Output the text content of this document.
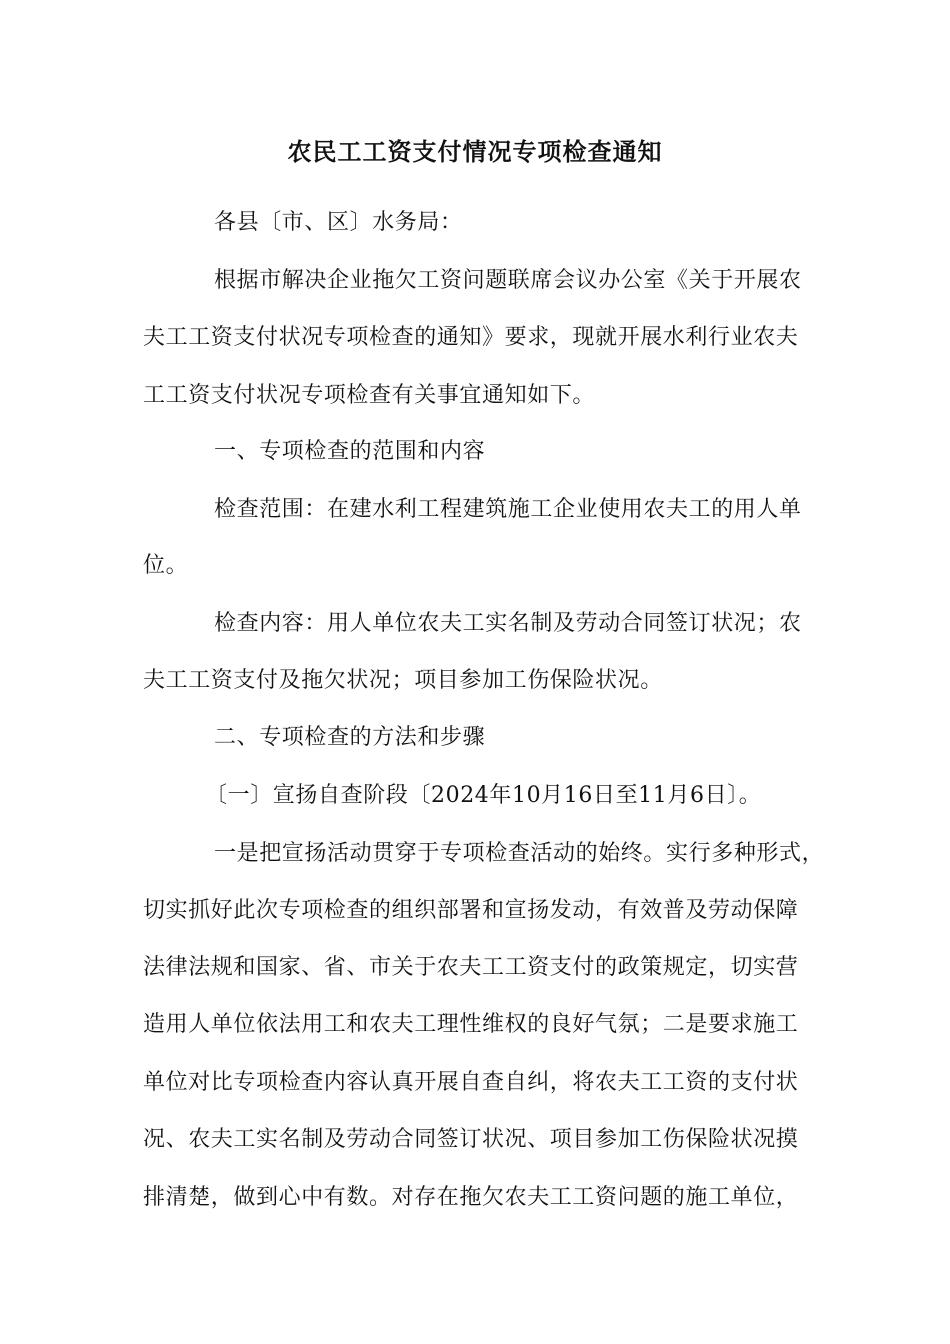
农民工工资支付情况专项检查通知
各县〔市、区〕水务局：
根据市解决企业拖欠工资问题联席会议办公室《关于开展农
夫工工资支付状况专项检查的通知》要求，现就开展水利行业农夫
工工资支付状况专项检查有关事宜通知如下。
一、专项检查的范围和内容
检查范围：在建水利工程建筑施工企业使用农夫工的用人单
位。
检查内容：用人单位农夫工实名制及劳动合同签订状况；农
夫工工资支付及拖欠状况；项目参加工伤保险状况。
二、专项检查的方法和步骤
〔一〕宣扬自查阶段〔2024年10月16日至11月6日〕。
一是把宣扬活动贯穿于专项检查活动的始终。实行多种形式，
切实抓好此次专项检查的组织部署和宣扬发动，有效普及劳动保障
法律法规和国家、省、市关于农夫工工资支付的政策规定，切实营
造用人单位依法用工和农夫工理性维权的良好气氛；二是要求施工
单位对比专项检查内容认真开展自查自纠，将农夫工工资的支付状
况、农夫工实名制及劳动合同签订状况、项目参加工伤保险状况摸
排清楚，做到心中有数。对存在拖欠农夫工工资问题的施工单位，
